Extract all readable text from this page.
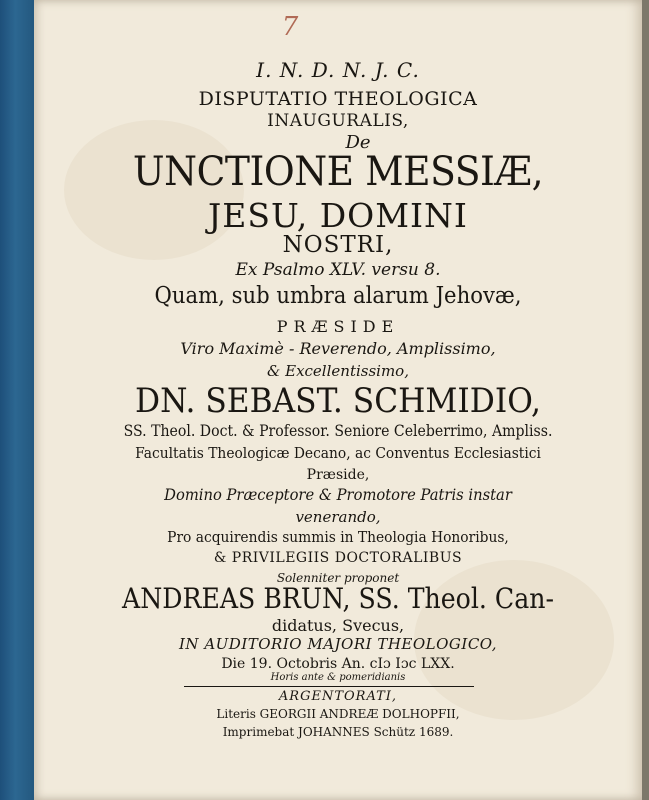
7
I. N. D. N. J. C.
DISPUTATIO THEOLOGICA
INAUGURALIS,
De
UNCTIONE MESSIÆ,
JESU, DOMINI
NOSTRI,
Ex Psalmo XLV. versu 8.
Quam, sub umbra alarum Jehovæ,
PRÆSIDE
Viro Maximè - Reverendo, Amplissimo,
& Excellentissimo,
DN. SEBAST. SCHMIDIO,
SS. Theol. Doct. & Professor. Seniore Celeberrimo, Ampliss.
Facultatis Theologicæ Decano, ac Conventus Ecclesiastici
Præside,
Domino Præceptore & Promotore Patris instar
venerando,
Pro acquirendis summis in Theologia Honoribus,
& PRIVILEGIIS DOCTORALIBUS
Solenniter proponet
ANDREAS BRUN, SS. Theol. Can-
didatus, Svecus,
IN AUDITORIO MAJORI THEOLOGICO,
Die 19. Octobris An. cIɔ Iɔc LXX.
Horis ante & pomeridianis
ARGENTORATI,
Literis GEORGII ANDREÆ DOLHOPFII,
Imprimebat JOHANNES Schütz 1689.
